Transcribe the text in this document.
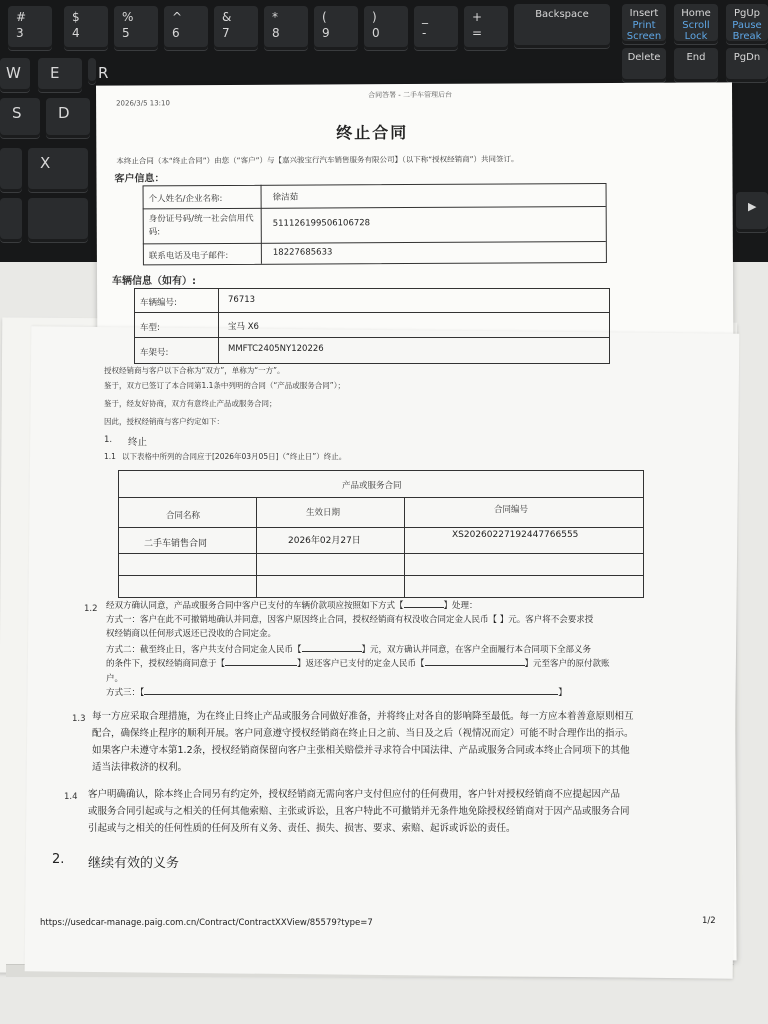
#
3
$
4
%
5
^
6
&
7
*
8
(
9
)
0
_
-
+
=
Backspace	Insert
Print Screen
Home
Scroll Lock
PgUp
Pause Break
W E	R
Delete	End	PgDn
S D
X
▶
2026/3/5 13:10
合同答署 - 二手车管理后台
终止合同
本终止合同（本“终止合同”）由您（“客户”）与【嘉兴骏宝行汽车销售服务有限公司】（以下称“授权经销商”）共同签订。
客户信息：
个人姓名/企业名称:	徐洁茹
身份证号码/统一社会信用代码:
511126199506106728
联系电话及电子邮件:	18227685633
车辆信息（如有）:
车辆编号:	76713
车型:	宝马 X6
车架号:	MMFTC2405NY120226
授权经销商与客户以下合称为“双方”，单称为“一方”。
鉴于，双方已签订了本合同第1.1条中列明的合同（“产品或服务合同”）；
鉴于，经友好协商，双方有意终止产品或服务合同；
因此，授权经销商与客户约定如下：
1. 终止
1.1 以下表格中所列的合同应于[2026年03月05日]（“终止日”）终止。
产品或服务合同
合同名称	生效日期	合同编号
二手车销售合同	2026年02月27日
XS20260227192447766555
1.2 经双方确认同意，产品或服务合同中客户已支付的车辆价款项应按照如下方式【	】处理：
方式一：客户在此不可撤销地确认并同意，因客户原因终止合同，授权经销商有权没收合同定金人民币【 】元。客户将不会要求授
权经销商以任何形式返还已没收的合同定金。
方式二：截至终止日，客户共支付合同定金人民币【	】元，双方确认并同意，在客户全面履行本合同项下全部义务
的条件下，授权经销商同意于【	】返还客户已支付的定金人民币【	】元至客户的原付款账
户。
方式三：【	】
1.3 每一方应采取合理措施，为在终止日终止产品或服务合同做好准备，并将终止对各自的影响降至最低。每一方应本着善意原则相互
配合，确保终止程序的顺利开展。客户同意遵守授权经销商在终止日之前、当日及之后（视情况而定）可能不时合理作出的指示。
如果客户未遵守本第1.2条，授权经销商保留向客户主张相关赔偿并寻求符合中国法律、产品或服务合同或本终止合同项下的其他
适当法律救济的权利。
1.4 客户明确确认，除本终止合同另有约定外，授权经销商无需向客户支付但应付的任何费用，客户针对授权经销商不应提起因产品
或服务合同引起或与之相关的任何其他索赔、主张或诉讼，且客户特此不可撤销并无条件地免除授权经销商对于因产品或服务合同
引起或与之相关的任何性质的任何及所有义务、责任、损失、损害、要求、索赔、起诉或诉讼的责任。
2. 继续有效的义务
https://usedcar-manage.paig.com.cn/Contract/ContractXXView/85579?type=7	1/2
